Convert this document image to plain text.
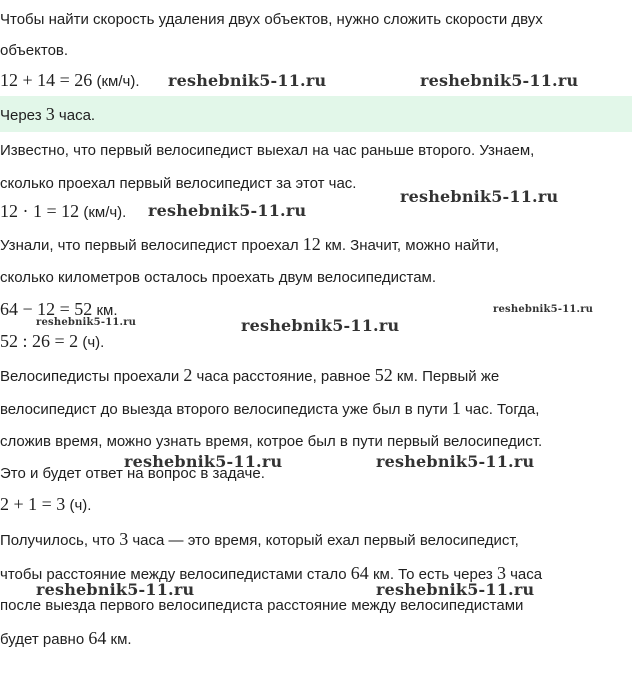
Чтобы найти скорость удаления двух объектов, нужно сложить скорости двух
объектов.
12 + 14 = 26 (км/ч).
Через 3 часа.
Известно, что первый велосипедист выехал на час раньше второго. Узнаем,
сколько проехал первый велосипедист за этот час.
12 · 1 = 12 (км/ч).
Узнали, что первый велосипедист проехал 12 км. Значит, можно найти,
сколько километров осталось проехать двум велосипедистам.
64 − 12 = 52 км.
52 : 26 = 2 (ч).
Велосипедисты проехали 2 часа расстояние, равное 52 км. Первый же
велосипедист до выезда второго велосипедиста уже был в пути 1 час. Тогда,
сложив время, можно узнать время, котрое был в пути первый велосипедист.
Это и будет ответ на вопрос в задаче.
2 + 1 = 3 (ч).
Получилось, что 3 часа — это время, который ехал первый велосипедист,
чтобы расстояние между велосипедистами стало 64 км. То есть через 3 часа
после выезда первого велосипедиста расстояние между велосипедистами
будет равно 64 км.
reshebnik5-11.ru	reshebnik5-11.ru
reshebnik5-11.ru
reshebnik5-11.ru
reshebnik5-11.ru
reshebnik5-11.ru
reshebnik5-11.ru
reshebnik5-11.ru	reshebnik5-11.ru
reshebnik5-11.ru	reshebnik5-11.ru
